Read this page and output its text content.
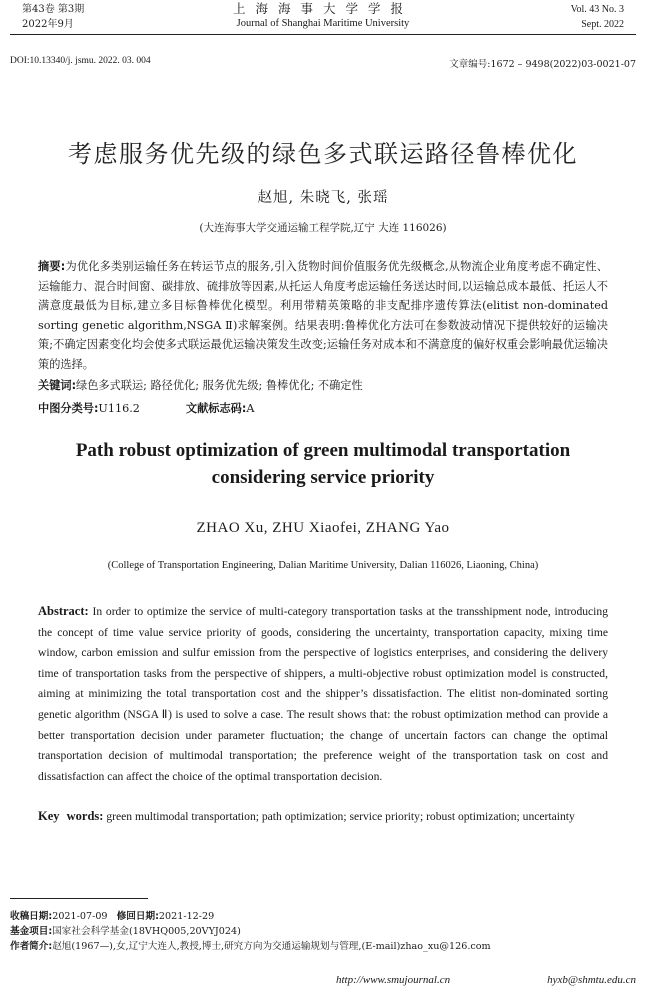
第43卷 第3期
2022年9月
上海海事大学学报
Journal of Shanghai Maritime University
Vol. 43 No. 3
Sept. 2022
DOI:10.13340/j. jsmu. 2022. 03. 004	文章编号:1672 – 9498(2022)03-0021-07
考虑服务优先级的绿色多式联运路径鲁棒优化
赵旭, 朱晓飞, 张瑶
(大连海事大学交通运输工程学院,辽宁 大连 116026)
摘要:为优化多类别运输任务在转运节点的服务,引入货物时间价值服务优先级概念,从物流企业角度考虑不确定性、运输能力、混合时间窗、碳排放、硫排放等因素,从托运人角度考虑运输任务送达时间,以运输总成本最低、托运人不满意度最低为目标,建立多目标鲁棒优化模型。利用带精英策略的非支配排序遗传算法(elitist non-dominated sorting genetic algorithm,NSGA Ⅱ)求解案例。结果表明:鲁棒优化方法可在参数波动情况下提供较好的运输决策;不确定因素变化均会使多式联运最优运输决策发生改变;运输任务对成本和不满意度的偏好权重会影响最优运输决策的选择。
关键词:绿色多式联运; 路径优化; 服务优先级; 鲁棒优化; 不确定性
中图分类号:U116.2	文献标志码:A
Path robust optimization of green multimodal transportation considering service priority
ZHAO Xu, ZHU Xiaofei, ZHANG Yao
(College of Transportation Engineering, Dalian Maritime University, Dalian 116026, Liaoning, China)
Abstract: In order to optimize the service of multi-category transportation tasks at the transshipment node, introducing the concept of time value service priority of goods, considering the uncertainty, transportation capacity, mixing time window, carbon emission and sulfur emission from the perspective of logistics enterprises, and considering the delivery time of transportation tasks from the perspective of shippers, a multi-objective robust optimization model is constructed, aiming at minimizing the total transportation cost and the shipper’s dissatisfaction. The elitist non-dominated sorting genetic algorithm (NSGA Ⅱ) is used to solve a case. The result shows that: the robust optimization method can provide a better transportation decision under parameter fluctuation; the change of uncertain factors can change the optimal transportation decision of multimodal transportation; the preference weight of the transportation task on cost and dissatisfaction can affect the choice of the optimal transportation decision.
Key words: green multimodal transportation; path optimization; service priority; robust optimization; uncertainty
收稿日期:2021-07-09 修回日期:2021-12-29
基金项目:国家社会科学基金(18VHQ005,20VYJ024)
作者简介:赵旭(1967—),女,辽宁大连人,教授,博士,研究方向为交通运输规划与管理,(E-mail)zhao_xu@126.com
http://www.smujournal.cn	hyxb@shmtu.edu.cn
